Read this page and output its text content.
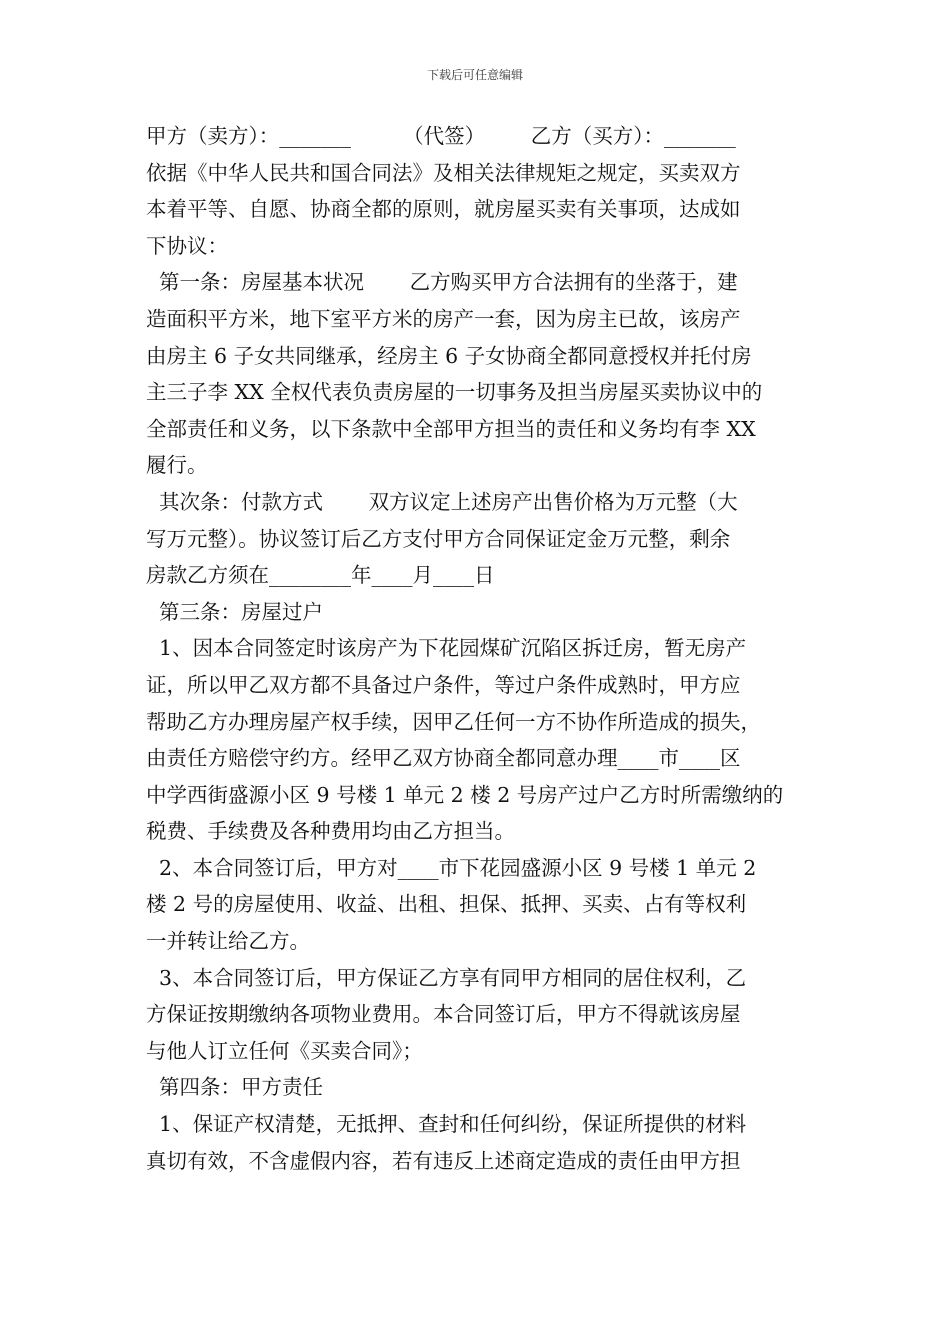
下载后可任意编辑
甲方（卖方）：_______        （代签）       乙方（买方）：_______
依据《中华人民共和国合同法》及相关法律规矩之规定，买卖双方
本着平等、自愿、协商全都的原则，就房屋买卖有关事项，达成如
下协议：
第一条：房屋基本状况       乙方购买甲方合法拥有的坐落于，建
造面积平方米，地下室平方米的房产一套，因为房主已故，该房产
由房主 6 子女共同继承，经房主 6 子女协商全都同意授权并托付房
主三子李 XX 全权代表负责房屋的一切事务及担当房屋买卖协议中的
全部责任和义务，以下条款中全部甲方担当的责任和义务均有李 XX
履行。
其次条：付款方式       双方议定上述房产出售价格为万元整（大
写万元整）。协议签订后乙方支付甲方合同保证定金万元整，剩余
房款乙方须在________年____月____日
第三条：房屋过户
1、因本合同签定时该房产为下花园煤矿沉陷区拆迁房，暂无房产
证，所以甲乙双方都不具备过户条件，等过户条件成熟时，甲方应
帮助乙方办理房屋产权手续，因甲乙任何一方不协作所造成的损失，
由责任方赔偿守约方。经甲乙双方协商全都同意办理____市____区
中学西街盛源小区 9 号楼 1 单元 2 楼 2 号房产过户乙方时所需缴纳的
税费、手续费及各种费用均由乙方担当。
2、本合同签订后，甲方对____市下花园盛源小区 9 号楼 1 单元 2
楼 2 号的房屋使用、收益、出租、担保、抵押、买卖、占有等权利
一并转让给乙方。
3、本合同签订后，甲方保证乙方享有同甲方相同的居住权利，乙
方保证按期缴纳各项物业费用。本合同签订后，甲方不得就该房屋
与他人订立任何《买卖合同》；
第四条：甲方责任
1、保证产权清楚，无抵押、查封和任何纠纷，保证所提供的材料
真切有效，不含虚假内容，若有违反上述商定造成的责任由甲方担
